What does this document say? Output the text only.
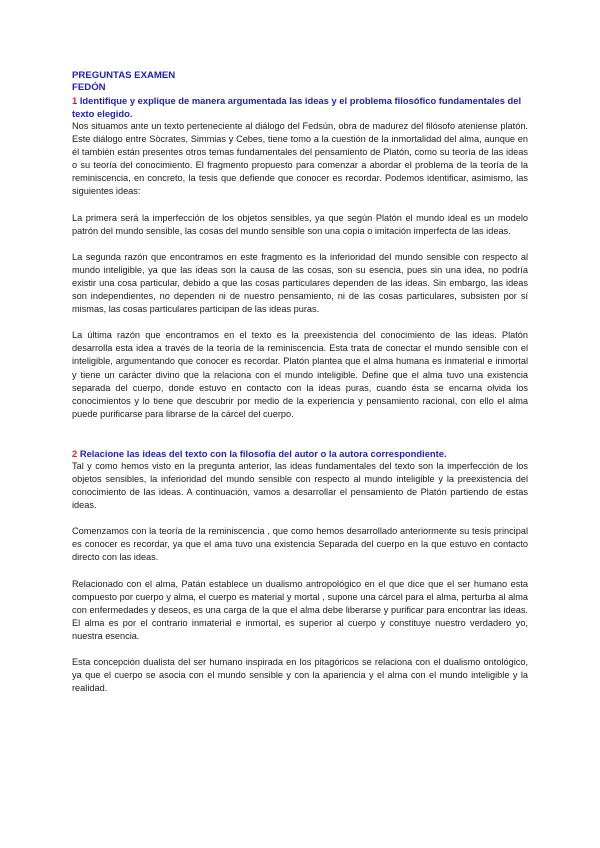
PREGUNTAS EXAMEN
FEDÓN
1 Identifique y explique de manera argumentada las ideas y el problema filosófico fundamentales del texto elegido.

Nos situamos ante un texto perteneciente al diálogo del Fedsún, obra de madurez del filósofo ateniense platón. Este diálogo entre Sòcrates, Simmias y Cebes, tiene tomo a la cuestión de la inmortalidad del alma, aunque en él también están presentes otros temas fundamentales del pensamiento de Platón, como su teoría de las ideas o su teoría del conocimiento. El fragmento propuesto para comenzar a abordar el problema de la teoría de la reminiscencia, en concreto, la tesis que defiende que conocer es recordar. Podemos identificar, asimismo, las siguientes ideas:

La primera será la imperfección de los objetos sensibles, ya que según Platón el mundo ideal es un modelo patrón del mundo sensible, las cosas del mundo sensible son una copia o imitación imperfecta de las ideas.

La segunda razón que encontramos en este fragmento es la inferioridad del mundo sensible con respecto al mundo inteligible, ya que las ideas son la causa de las cosas, son su esencia, pues sin una idea, no podría existir una cosa particular, debido a que las cosas particulares dependen de las ideas. Sin embargo, las ideas son independientes, no dependen ni de nuestro pensamiento, ni de las cosas particulares, subsisten por sí mismas, las cosas particulares participan de las ideas puras.

La última razón que encontramos en el texto es la preexistencia del conocimiento de las ideas. Platón desarrolla esta idea a través de la teoría de la reminiscencia. Esta trata de conectar el mundo sensible con el inteligible, argumentando que conocer es recordar. Platón plantea que el alma humana es inmaterial e inmortal y tiene un carácter divino que la relaciona con el mundo inteligible. Define que el alma tuvo una existencia separada del cuerpo, donde estuvo en contacto con la ideas puras, cuando ésta se encarna olvida los conocimientos y lo tiene que descubrir por medio de la experiencia y pensamiento racional, con ello el alma puede purificarse para librarse de la cárcel del cuerpo.

2 Relacione las ideas del texto con la filosofía del autor o la autora correspondiente.

Tal y como hemos visto en la pregunta anterior, las ideas fundamentales del texto son la imperfección de los objetos sensibles, la inferioridad del mundo sensible con respecto al mundo inteligible y la preexistencia del conocimiento de las ideas. A continuación, vamos a desarrollar el pensamiento de Platón partiendo de estas ideas.

Comenzamos con la teoría de la reminiscencia , que como hemos desarrollado anteriormente su tesis principal es conocer es recordar, ya que el ama tuvo una existencia Separada del cuerpo en la que estuvo en contacto directo con las ideas.

Relacionado con el alma, Patán establece un dualismo antropológico en el que dice que el ser humano esta compuesto por cuerpo y alma, el cuerpo es material y mortal , supone una cárcel para el alma, perturba al alma con enfermedades y deseos, es una carga de la que el alma debe liberarse y purificar para encontrar las ideas. El alma es por el contrario inmaterial e inmortal, es superior al cuerpo y constituye nuestro verdadero yo, nuestra esencia.

Esta concepción dualista del ser humano inspirada en los pitagóricos se relaciona con el dualismo ontológico, ya que el cuerpo se asocia con el mundo sensible y con la apariencia y el alma con el mundo inteligible y la realidad.
